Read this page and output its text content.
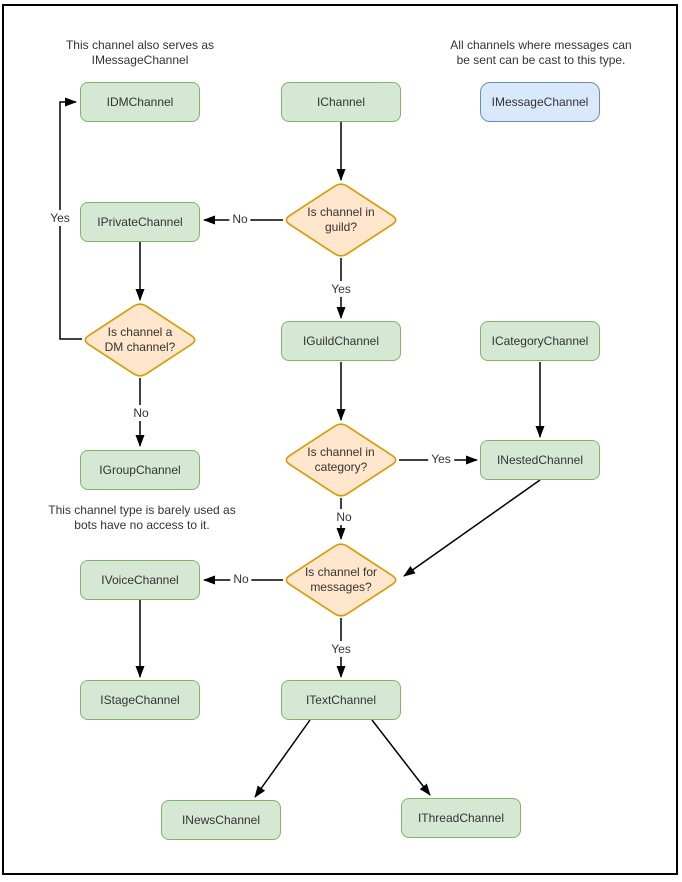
This channel also serves as
IMessageChannel
All channels where messages can
be sent can be cast to this type.
This channel type is barely used as
bots have no access to it.
IDMChannel	IChannel	IMessageChannel
IPrivateChannel
IGuildChannel	ICategoryChannel
IGroupChannel
INestedChannel
IVoiceChannel
IStageChannel	ITextChannel
INewsChannel	IThreadChannel
Is channel in guild?
Is channel a DM channel?
Is channel in category?
Is channel for messages?
No
Yes
Yes
No
Yes
No
No
Yes
